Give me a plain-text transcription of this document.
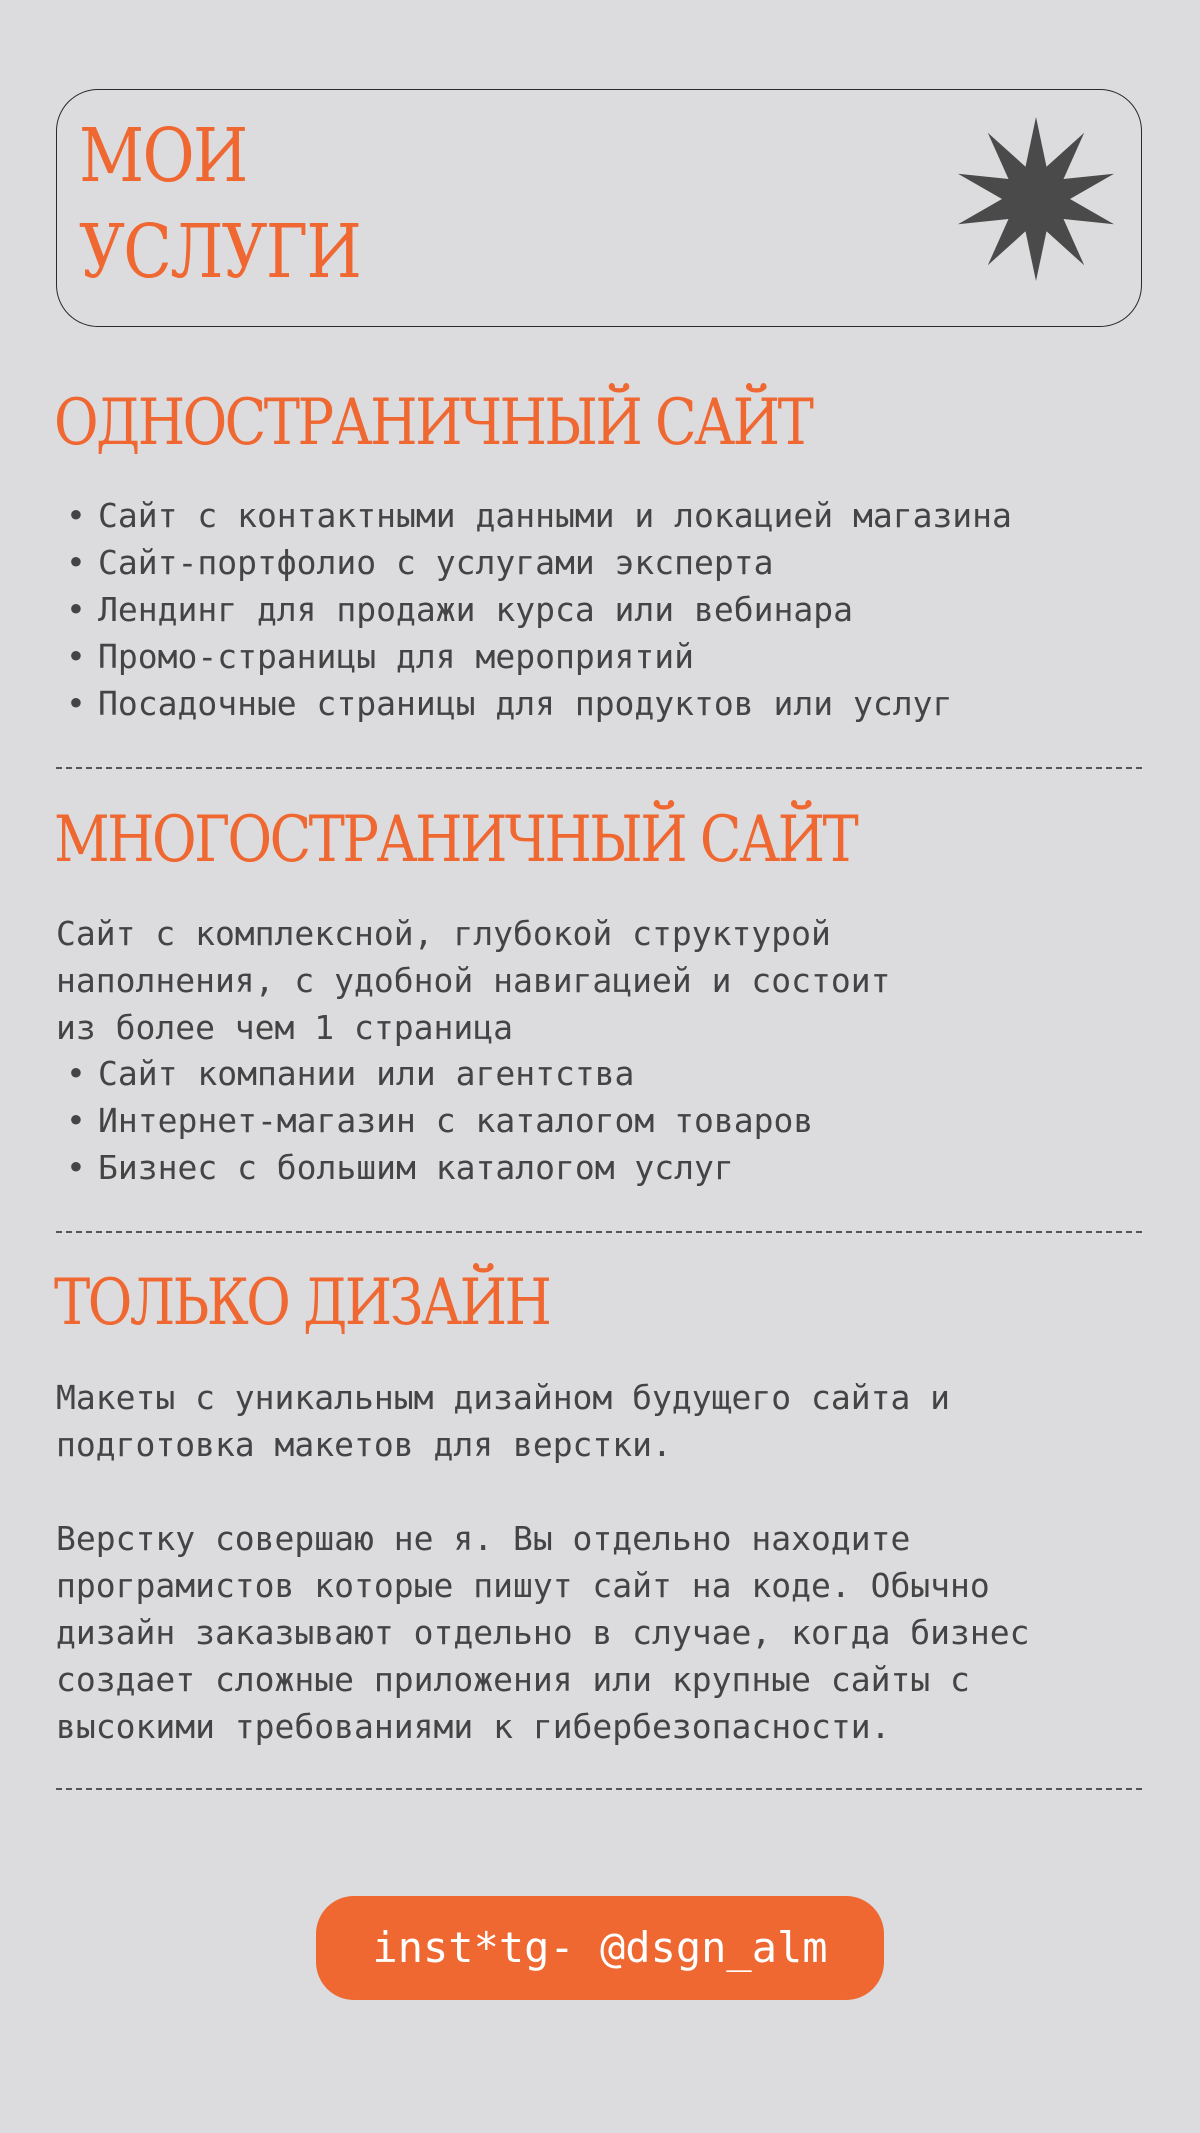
МОИ
УСЛУГИ
ОДНОСТРАНИЧНЫЙ САЙТ
• Сайт с контактными данными и локацией магазина
• Сайт-портфолио с услугами эксперта
• Лендинг для продажи курса или вебинара
• Промо-страницы для мероприятий
• Посадочные страницы для продуктов или услуг
МНОГОСТРАНИЧНЫЙ САЙТ

Сайт с комплексной, глубокой структурой
наполнения, с удобной навигацией и состоит
из более чем 1 страница

• Сайт компании или агентства
• Интернет-магазин с каталогом товаров
• Бизнес с большим каталогом услуг
ТОЛЬКО ДИЗАЙН

Макеты с уникальным дизайном будущего сайта и
подготовка макетов для верстки.

Верстку совершаю не я. Вы отдельно находите
програмистов которые пишут сайт на коде. Обычно
дизайн заказывают отдельно в случае, когда бизнес
создает сложные приложения или крупные сайты с
высокими требованиями к гибербезопасности.

inst*tg- @dsgn_alm
